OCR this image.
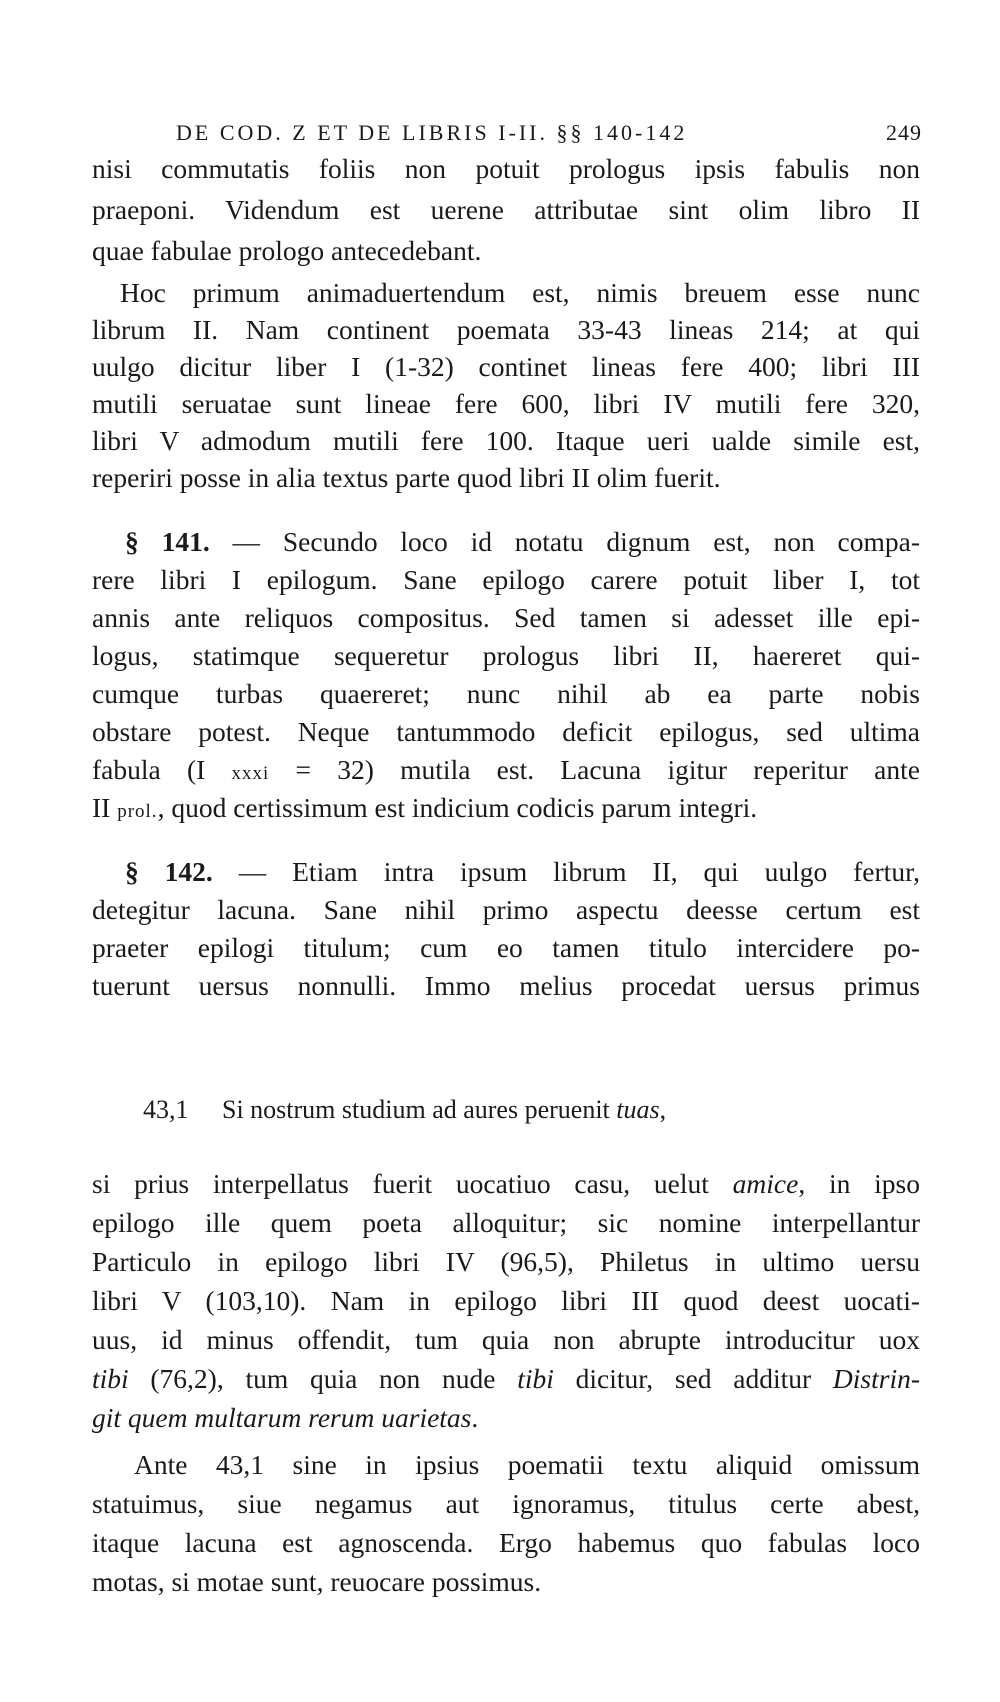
DE COD. Z ET DE LIBRIS I-II. §§ 140-142	249
nisi commutatis foliis non potuit prologus ipsis fabulis non
praeponi. Videndum est uerene attributae sint olim libro II
quae fabulae prologo antecedebant.
Hoc primum animaduertendum est, nimis breuem esse nunc
librum II. Nam continent poemata 33-43 lineas 214; at qui
uulgo dicitur liber I (1-32) continet lineas fere 400; libri III
mutili seruatae sunt lineae fere 600, libri IV mutili fere 320,
libri V admodum mutili fere 100. Itaque ueri ualde simile est,
reperiri posse in alia textus parte quod libri II olim fuerit.
§ 141. — Secundo loco id notatu dignum est, non compa-
rere libri I epilogum. Sane epilogo carere potuit liber I, tot
annis ante reliquos compositus. Sed tamen si adesset ille epi-
logus, statimque sequeretur prologus libri II, haereret qui-
cumque turbas quaereret; nunc nihil ab ea parte nobis
obstare potest. Neque tantummodo deficit epilogus, sed ultima
fabula (I xxxi = 32) mutila est. Lacuna igitur reperitur ante
II prol., quod certissimum est indicium codicis parum integri.
§ 142. — Etiam intra ipsum librum II, qui uulgo fertur,
detegitur lacuna. Sane nihil primo aspectu deesse certum est
praeter epilogi titulum; cum eo tamen titulo intercidere po-
tuerunt uersus nonnulli. Immo melius procedat uersus primus
43,1 Si nostrum studium ad aures peruenit tuas,
si prius interpellatus fuerit uocatiuo casu, uelut amice, in ipso
epilogo ille quem poeta alloquitur; sic nomine interpellantur
Particulo in epilogo libri IV (96,5), Philetus in ultimo uersu
libri V (103,10). Nam in epilogo libri III quod deest uocati-
uus, id minus offendit, tum quia non abrupte introducitur uox
tibi (76,2), tum quia non nude tibi dicitur, sed additur Distrin-
git quem multarum rerum uarietas.
Ante 43,1 sine in ipsius poematii textu aliquid omissum
statuimus, siue negamus aut ignoramus, titulus certe abest,
itaque lacuna est agnoscenda. Ergo habemus quo fabulas loco
motas, si motae sunt, reuocare possimus.
